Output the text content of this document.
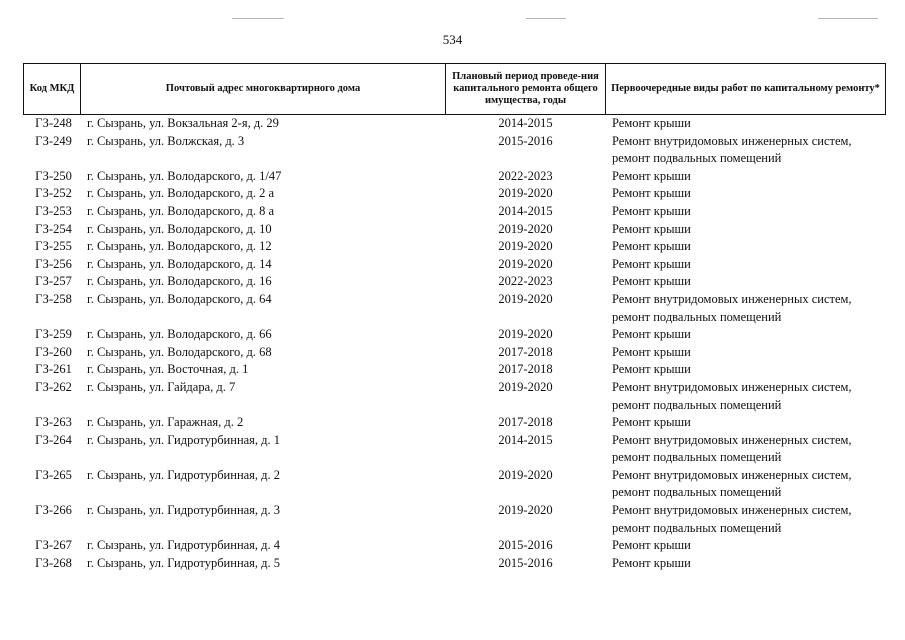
534
Код МКД	Почтовый адрес многоквартирного дома	Плановый период проведе-ния капитального ремонта общего имущества, годы	Первоочередные виды работ по капитальному ремонту*
ГЗ-248	г. Сызрань, ул. Вокзальная 2-я, д. 29	2014-2015	Ремонт крыши
ГЗ-249	г. Сызрань, ул. Волжская, д. 3	2015-2016	Ремонт внутридомовых инженерных систем, ремонт подвальных помещений
ГЗ-250	г. Сызрань, ул. Володарского, д. 1/47	2022-2023	Ремонт крыши
ГЗ-252	г. Сызрань, ул. Володарского, д. 2 а	2019-2020	Ремонт крыши
ГЗ-253	г. Сызрань, ул. Володарского, д. 8 а	2014-2015	Ремонт крыши
ГЗ-254	г. Сызрань, ул. Володарского, д. 10	2019-2020	Ремонт крыши
ГЗ-255	г. Сызрань, ул. Володарского, д. 12	2019-2020	Ремонт крыши
ГЗ-256	г. Сызрань, ул. Володарского, д. 14	2019-2020	Ремонт крыши
ГЗ-257	г. Сызрань, ул. Володарского, д. 16	2022-2023	Ремонт крыши
ГЗ-258	г. Сызрань, ул. Володарского, д. 64	2019-2020	Ремонт внутридомовых инженерных систем, ремонт подвальных помещений
ГЗ-259	г. Сызрань, ул. Володарского, д. 66	2019-2020	Ремонт крыши
ГЗ-260	г. Сызрань, ул. Володарского, д. 68	2017-2018	Ремонт крыши
ГЗ-261	г. Сызрань, ул. Восточная, д. 1	2017-2018	Ремонт крыши
ГЗ-262	г. Сызрань, ул. Гайдара, д. 7	2019-2020	Ремонт внутридомовых инженерных систем, ремонт подвальных помещений
ГЗ-263	г. Сызрань, ул. Гаражная, д. 2	2017-2018	Ремонт крыши
ГЗ-264	г. Сызрань, ул. Гидротурбинная, д. 1	2014-2015	Ремонт внутридомовых инженерных систем, ремонт подвальных помещений
ГЗ-265	г. Сызрань, ул. Гидротурбинная, д. 2	2019-2020	Ремонт внутридомовых инженерных систем, ремонт подвальных помещений
ГЗ-266	г. Сызрань, ул. Гидротурбинная, д. 3	2019-2020	Ремонт внутридомовых инженерных систем, ремонт подвальных помещений
ГЗ-267	г. Сызрань, ул. Гидротурбинная, д. 4	2015-2016	Ремонт крыши
ГЗ-268	г. Сызрань, ул. Гидротурбинная, д. 5	2015-2016	Ремонт крыши
